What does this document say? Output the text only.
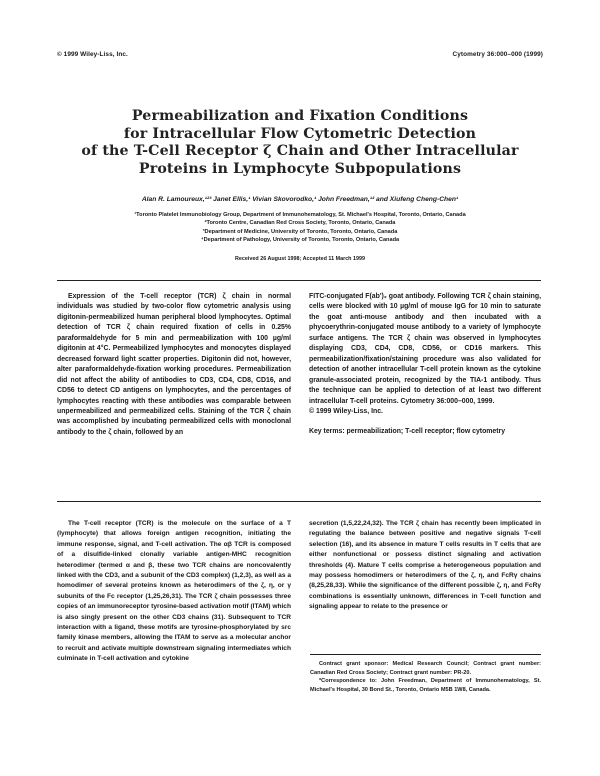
© 1999 Wiley-Liss, Inc.	Cytometry 36:000–000 (1999)
Permeabilization and Fixation Conditions
for Intracellular Flow Cytometric Detection
of the T-Cell Receptor ζ Chain and Other Intracellular
Proteins in Lymphocyte Subpopulations
Alan R. Lamoureux,¹²³ Janet Ellis,¹ Vivian Skovorodko,¹ John Freedman,¹² and Xiufeng Cheng-Chen¹
¹Toronto Platelet Immunobiology Group, Department of Immunohematology, St. Michael's Hospital, Toronto, Ontario, Canada
²Toronto Centre, Canadian Red Cross Society, Toronto, Ontario, Canada
³Department of Medicine, University of Toronto, Toronto, Ontario, Canada
⁴Department of Pathology, University of Toronto, Toronto, Ontario, Canada
Received 26 August 1998; Accepted 11 March 1999

Expression of the T-cell receptor (TCR) ζ chain in normal individuals was studied by two-color flow cytometric analysis using digitonin-permeabilized human peripheral blood lymphocytes. Optimal detection of TCR ζ chain required fixation of cells in 0.25% paraformaldehyde for 5 min and permeabilization with 100 µg/ml digitonin at 4°C. Permeabilized lymphocytes and monocytes displayed decreased forward light scatter properties. Digitonin did not, however, alter paraformaldehyde-fixation working procedures. Permeabilization did not affect the ability of antibodies to CD3, CD4, CD8, CD16, and CD56 to detect CD antigens on lymphocytes, and the percentages of lymphocytes reacting with these antibodies was comparable between unpermeabilized and permeabilized cells. Staining of the TCR ζ chain was accomplished by incubating permeabilized cells with monoclonal antibody to the ζ chain, followed by an

FITC-conjugated F(ab')₂ goat antibody. Following TCR ζ chain staining, cells were blocked with 10 µg/ml of mouse IgG for 10 min to saturate the goat anti-mouse antibody and then incubated with a phycoerythrin-conjugated mouse antibody to a variety of lymphocyte surface antigens. The TCR ζ chain was observed in lymphocytes displaying CD3, CD4, CD8, CD56, or CD16 markers. This permeabilization/fixation/staining procedure was also validated for detection of another intracellular T-cell protein known as the cytokine granule-associated protein, recognized by the TIA-1 antibody. Thus the technique can be applied to detection of at least two different intracellular T-cell proteins. Cytometry 36:000–000, 1999.

© 1999 Wiley-Liss, Inc.

Key terms: permeabilization; T-cell receptor; flow cytometry

The T-cell receptor (TCR) is the molecule on the surface of a T (lymphocyte) that allows foreign antigen recognition, initiating the immune response, signal, and T-cell activation. The αβ TCR is composed of a disulfide-linked clonally variable antigen-MHC recognition heterodimer (termed α and β, these two TCR chains are noncovalently linked with the CD3, and a subunit of the CD3 complex) (1,2,3), as well as a homodimer of several proteins known as heterodimers of the ζ, η, or γ subunits of the Fc receptor (1,25,26,31). The TCR ζ chain possesses three copies of an immunoreceptor tyrosine-based activation motif (ITAM) which is also singly present on the other CD3 chains (31). Subsequent to TCR interaction with a ligand, these motifs are tyrosine-phosphorylated by src family kinase members, allowing the ITAM to serve as a molecular anchor to recruit and activate multiple downstream signaling intermediates which culminate in T-cell activation and cytokine

secretion (1,5,22,24,32). The TCR ζ chain has recently been implicated in regulating the balance between positive and negative signals T-cell selection (16), and its absence in mature T cells results in T cells that are either nonfunctional or possess distinct signaling and activation thresholds (4). Mature T cells comprise a heterogeneous population and may possess homodimers or heterodimers of the ζ, η, and FcRγ chains (8,25,28,33). While the significance of the different possible ζ, η, and FcRγ combinations is essentially unknown, differences in T-cell function and signaling appear to relate to the presence or

Contract grant sponsor: Medical Research Council; Contract grant number: Canadian Red Cross Society; Contract grant number: PR-20.

*Correspondence to: John Freedman, Department of Immunohematology, St. Michael's Hospital, 30 Bond St., Toronto, Ontario M5B 1W8, Canada.
